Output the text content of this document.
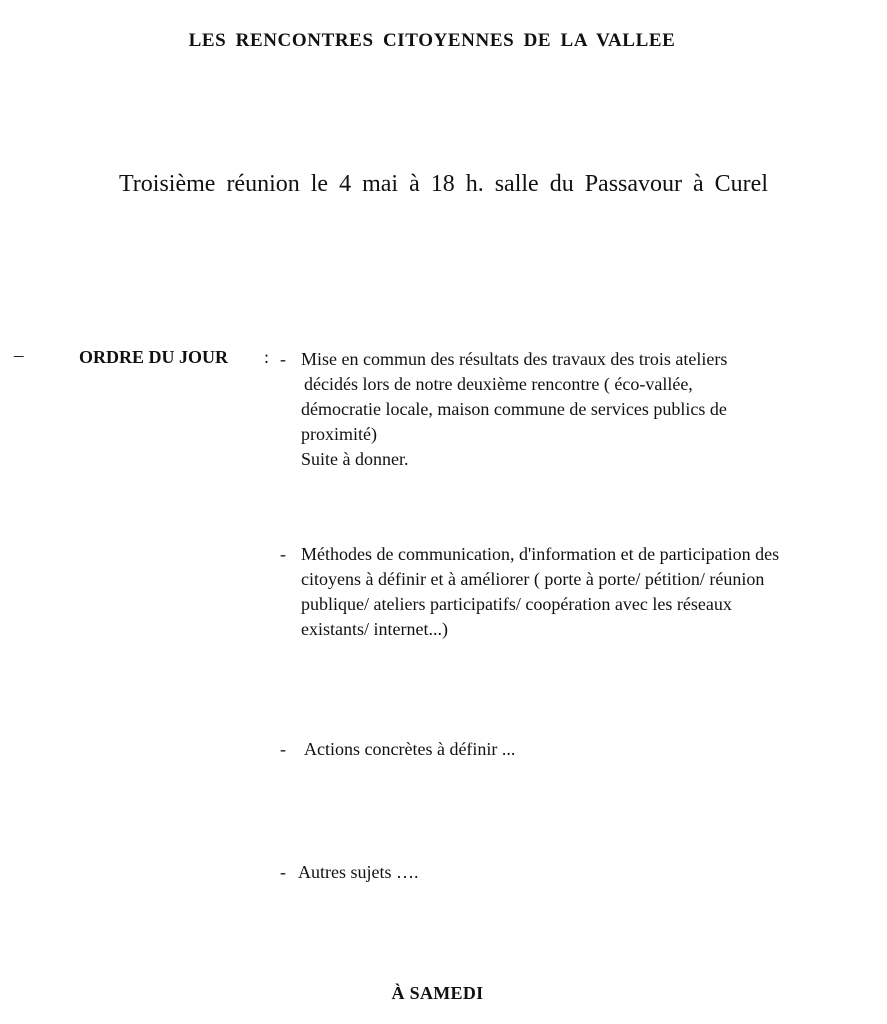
LES RENCONTRES CITOYENNES DE LA VALLEE
Troisième réunion le 4 mai à 18 h. salle du Passavour à Curel
–	ORDRE DU JOUR : - Mise en commun des résultats des travaux des trois ateliers
décidés lors de notre deuxième rencontre ( éco-vallée,
démocratie locale, maison commune de services publics de
proximité)
Suite à donner.
- Méthodes de communication, d'information et de participation des
citoyens à définir et à améliorer ( porte à porte/ pétition/ réunion
publique/ ateliers participatifs/ coopération avec les réseaux
existants/ internet...)
- Actions concrètes à définir ...
- Autres sujets ….
À SAMEDI
